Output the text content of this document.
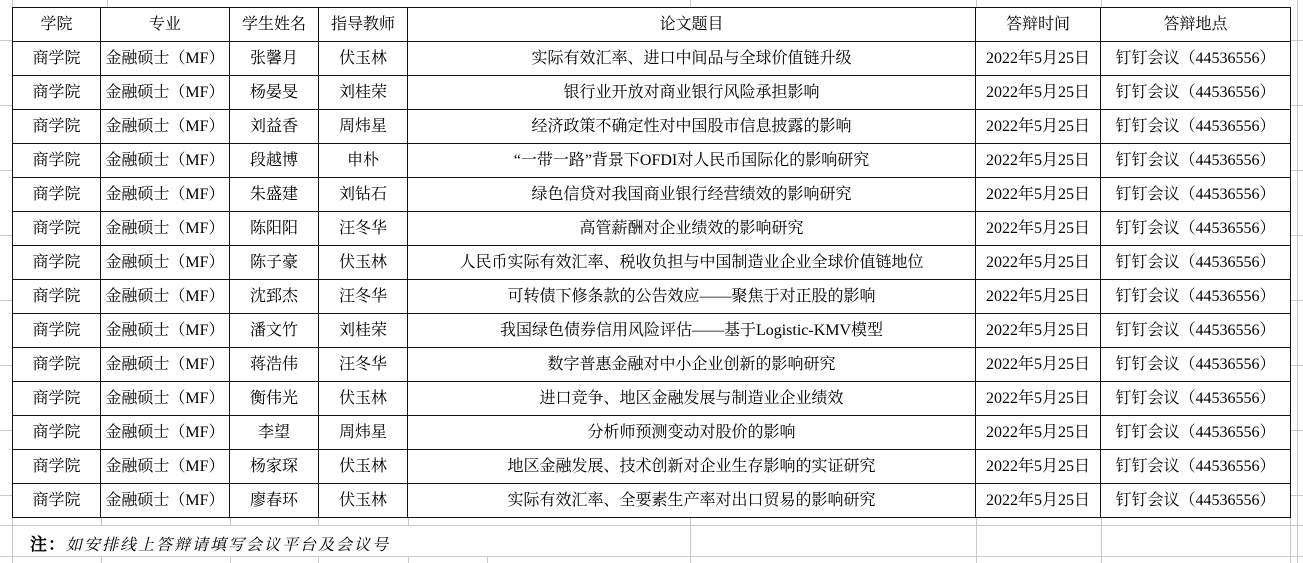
学院	专业	学生姓名	指导教师	论文题目	答辩时间	答辩地点
商学院	金融硕士（MF）	张馨月	伏玉林	实际有效汇率、进口中间品与全球价值链升级	2022年5月25日	钉钉会议（44536556）
商学院	金融硕士（MF）	杨晏旻	刘桂荣	银行业开放对商业银行风险承担影响	2022年5月25日	钉钉会议（44536556）
商学院	金融硕士（MF）	刘益香	周炜星	经济政策不确定性对中国股市信息披露的影响	2022年5月25日	钉钉会议（44536556）
商学院	金融硕士（MF）	段越博	申朴	“一带一路”背景下OFDI对人民币国际化的影响研究	2022年5月25日	钉钉会议（44536556）
商学院	金融硕士（MF）	朱盛建	刘钻石	绿色信贷对我国商业银行经营绩效的影响研究	2022年5月25日	钉钉会议（44536556）
商学院	金融硕士（MF）	陈阳阳	汪冬华	高管薪酬对企业绩效的影响研究	2022年5月25日	钉钉会议（44536556）
商学院	金融硕士（MF）	陈子豪	伏玉林	人民币实际有效汇率、税收负担与中国制造业企业全球价值链地位	2022年5月25日	钉钉会议（44536556）
商学院	金融硕士（MF）	沈郅杰	汪冬华	可转债下修条款的公告效应——聚焦于对正股的影响	2022年5月25日	钉钉会议（44536556）
商学院	金融硕士（MF）	潘文竹	刘桂荣	我国绿色债券信用风险评估——基于Logistic-KMV模型	2022年5月25日	钉钉会议（44536556）
商学院	金融硕士（MF）	蒋浩伟	汪冬华	数字普惠金融对中小企业创新的影响研究	2022年5月25日	钉钉会议（44536556）
商学院	金融硕士（MF）	衡伟光	伏玉林	进口竞争、地区金融发展与制造业企业绩效	2022年5月25日	钉钉会议（44536556）
商学院	金融硕士（MF）	李望	周炜星	分析师预测变动对股价的影响	2022年5月25日	钉钉会议（44536556）
商学院	金融硕士（MF）	杨家琛	伏玉林	地区金融发展、技术创新对企业生存影响的实证研究	2022年5月25日	钉钉会议（44536556）
商学院	金融硕士（MF）	廖春环	伏玉林	实际有效汇率、全要素生产率对出口贸易的影响研究	2022年5月25日	钉钉会议（44536556）
注：如安排线上答辩请填写会议平台及会议号
